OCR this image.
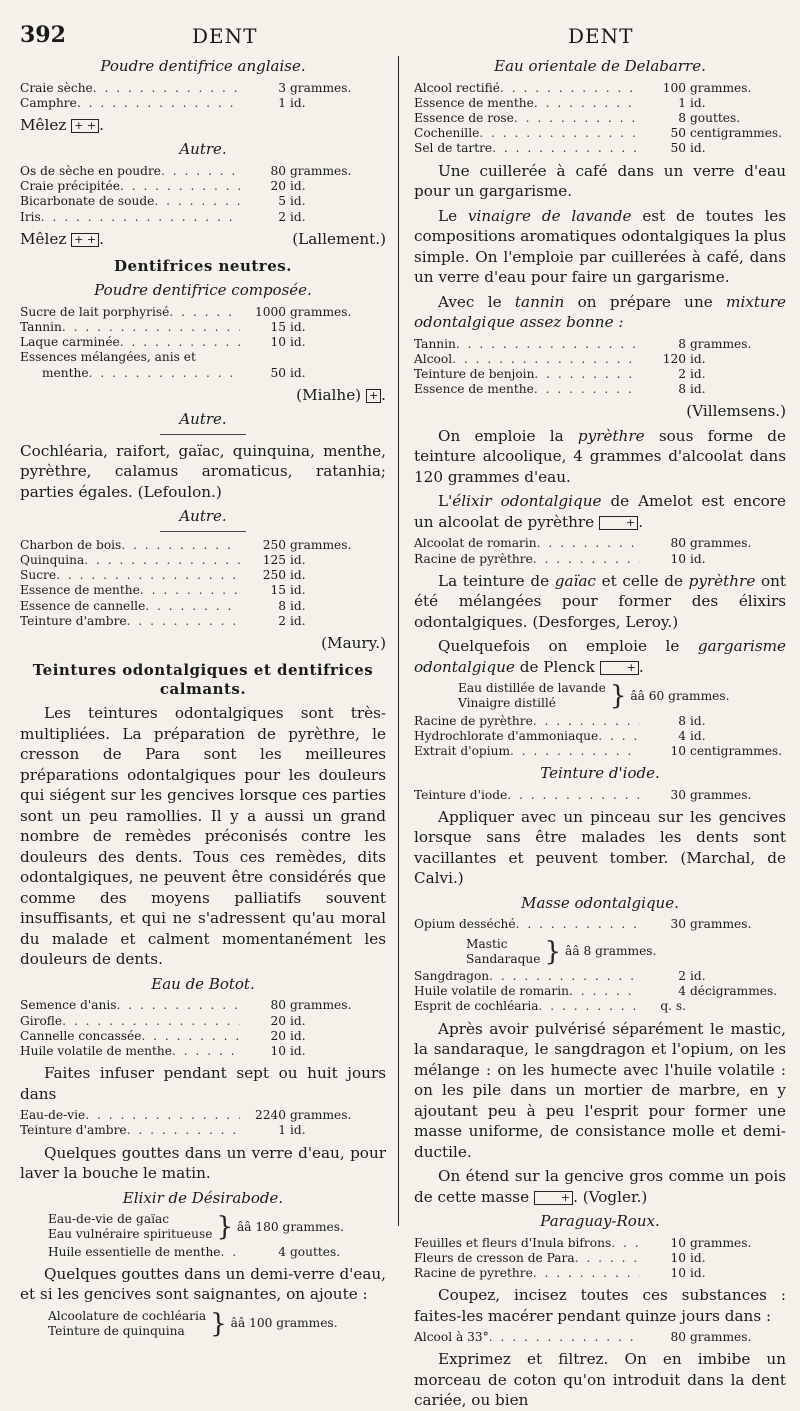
392	DENT	DENT
Poudre dentifrice anglaise.
Craie sèche . . .	3 grammes.
Camphre . . .	1 id.
Mêlez + + .
Autre.
Os de sèche en poudre . . .	80 grammes.
Craie précipitée . . .	20 id.
Bicarbonate de soude . . .	5 id.
Iris . . .	2 id.
Mêlez + + .	(Lallement.)
Dentifrices neutres.
Poudre dentifrice composée.
Sucre de lait porphyrisé . . .	1000 grammes.
Tannin . . .	15 id.
Laque carminée . . .	10 id.
Essences mélangées, anis et
menthe . . .	50 id.
(Mialhe) + .
Autre.
Cochléaria, raifort, gaïac, quinquina, menthe, pyrèthre, calamus aromaticus, ratanhia; parties égales. (Lefoulon.)
Autre.
Charbon de bois . . .	250 grammes.
Quinquina . . .	125 id.
Sucre . . .	250 id.
Essence de menthe . . .	15 id.
Essence de cannelle . . .	8 id.
Teinture d'ambre . . .	2 id.
(Maury.)
Teintures odontalgiques et dentifrices calmants.
Les teintures odontalgiques sont très-multipliées. La préparation de pyrèthre, le cresson de Para sont les meilleures préparations odontalgiques pour les douleurs qui siégent sur les gencives lorsque ces parties sont un peu ramollies. Il y a aussi un grand nombre de remèdes préconisés contre les douleurs des dents. Tous ces remèdes, dits odontalgiques, ne peuvent être considérés que comme des moyens palliatifs souvent insuffisants, et qui ne s'adressent qu'au moral du malade et calment momentanément les douleurs de dents.
Eau de Botot.
Semence d'anis . . .	80 grammes.
Girofle . . .	20 id.
Cannelle concassée . . .	20 id.
Huile volatile de menthe . . .	10 id.
Faites infuser pendant sept ou huit jours dans
Eau-de-vie . . .	2240 grammes.
Teinture d'ambre . . .	1 id.
Quelques gouttes dans un verre d'eau, pour laver la bouche le matin.
Elixir de Désirabode.
Eau-de-vie de gaïac
Eau vulnéraire spiritueuse } ââ 180 grammes.
Huile essentielle de menthe . . .	4 gouttes.
Quelques gouttes dans un demi-verre d'eau, et si les gencives sont saignantes, on ajoute :
Alcoolature de cochléaria
Teinture de quinquina } ââ 100 grammes.
Eau orientale de Delabarre.
Alcool rectifié . . .	100 grammes.
Essence de menthe . . .	1 id.
Essence de rose . . .	8 gouttes.
Cochenille . . .	50 centigrammes.
Sel de tartre . . .	50 id.
Une cuillerée à café dans un verre d'eau pour un gargarisme.
Le vinaigre de lavande est de toutes les compositions aromatiques odontalgiques la plus simple. On l'emploie par cuillerées à café, dans un verre d'eau pour faire un gargarisme.
Avec le tannin on prépare une mixture odontalgique assez bonne :
Tannin . . .	8 grammes.
Alcool . . .	120 id.
Teinture de benjoin . . .	2 id.
Essence de menthe . . .	8 id.
(Villemsens.)
On emploie la pyrèthre sous forme de teinture alcoolique, 4 grammes d'alcoolat dans 120 grammes d'eau.
L'élixir odontalgique de Amelot est encore un alcoolat de pyrèthre	+ .
Alcoolat de romarin . . .	80 grammes.
Racine de pyrèthre . . .	10 id.
La teinture de gaïac et celle de pyrèthre ont été mélangées pour former des élixirs odontalgiques. (Desforges, Leroy.)
Quelquefois on emploie le gargarisme odontalgique de Plenck	+ .
Eau distillée de lavande
Vinaigre distillé	} ââ 60 grammes.
Racine de pyrèthre . . .	8 id.
Hydrochlorate d'ammoniaque . . .	4 id.
Extrait d'opium . . .	10 centigrammes.
Teinture d'iode.
Teinture d'iode . . .	30 grammes.
Appliquer avec un pinceau sur les gencives lorsque sans être malades les dents sont vacillantes et peuvent tomber. (Marchal, de Calvi.)
Masse odontalgique.
Opium desséché . . .	30 grammes.
Mastic
Sandaraque } ââ 8 grammes.
Sangdragon . . .	2 id.
Huile volatile de romarin . . .	4 décigrammes.
Esprit de cochléaria . . .	q. s.
Après avoir pulvérisé séparément le mastic, la sandaraque, le sangdragon et l'opium, on les mélange : on les humecte avec l'huile volatile : on les pile dans un mortier de marbre, en y ajoutant peu à peu l'esprit pour former une masse uniforme, de consistance molle et demi-ductile.
On étend sur la gencive gros comme un pois de cette masse	+ . (Vogler.)
Paraguay-Roux.
Feuilles et fleurs d'Inula bifrons . . .	10 grammes.
Fleurs de cresson de Para . . .	10 id.
Racine de pyrethre . . .	10 id.
Coupez, incisez toutes ces substances : faites-les macérer pendant quinze jours dans :
Alcool à 33° . . .	80 grammes.
Exprimez et filtrez. On en imbibe un morceau de coton qu'on introduit dans la dent cariée, ou bien
